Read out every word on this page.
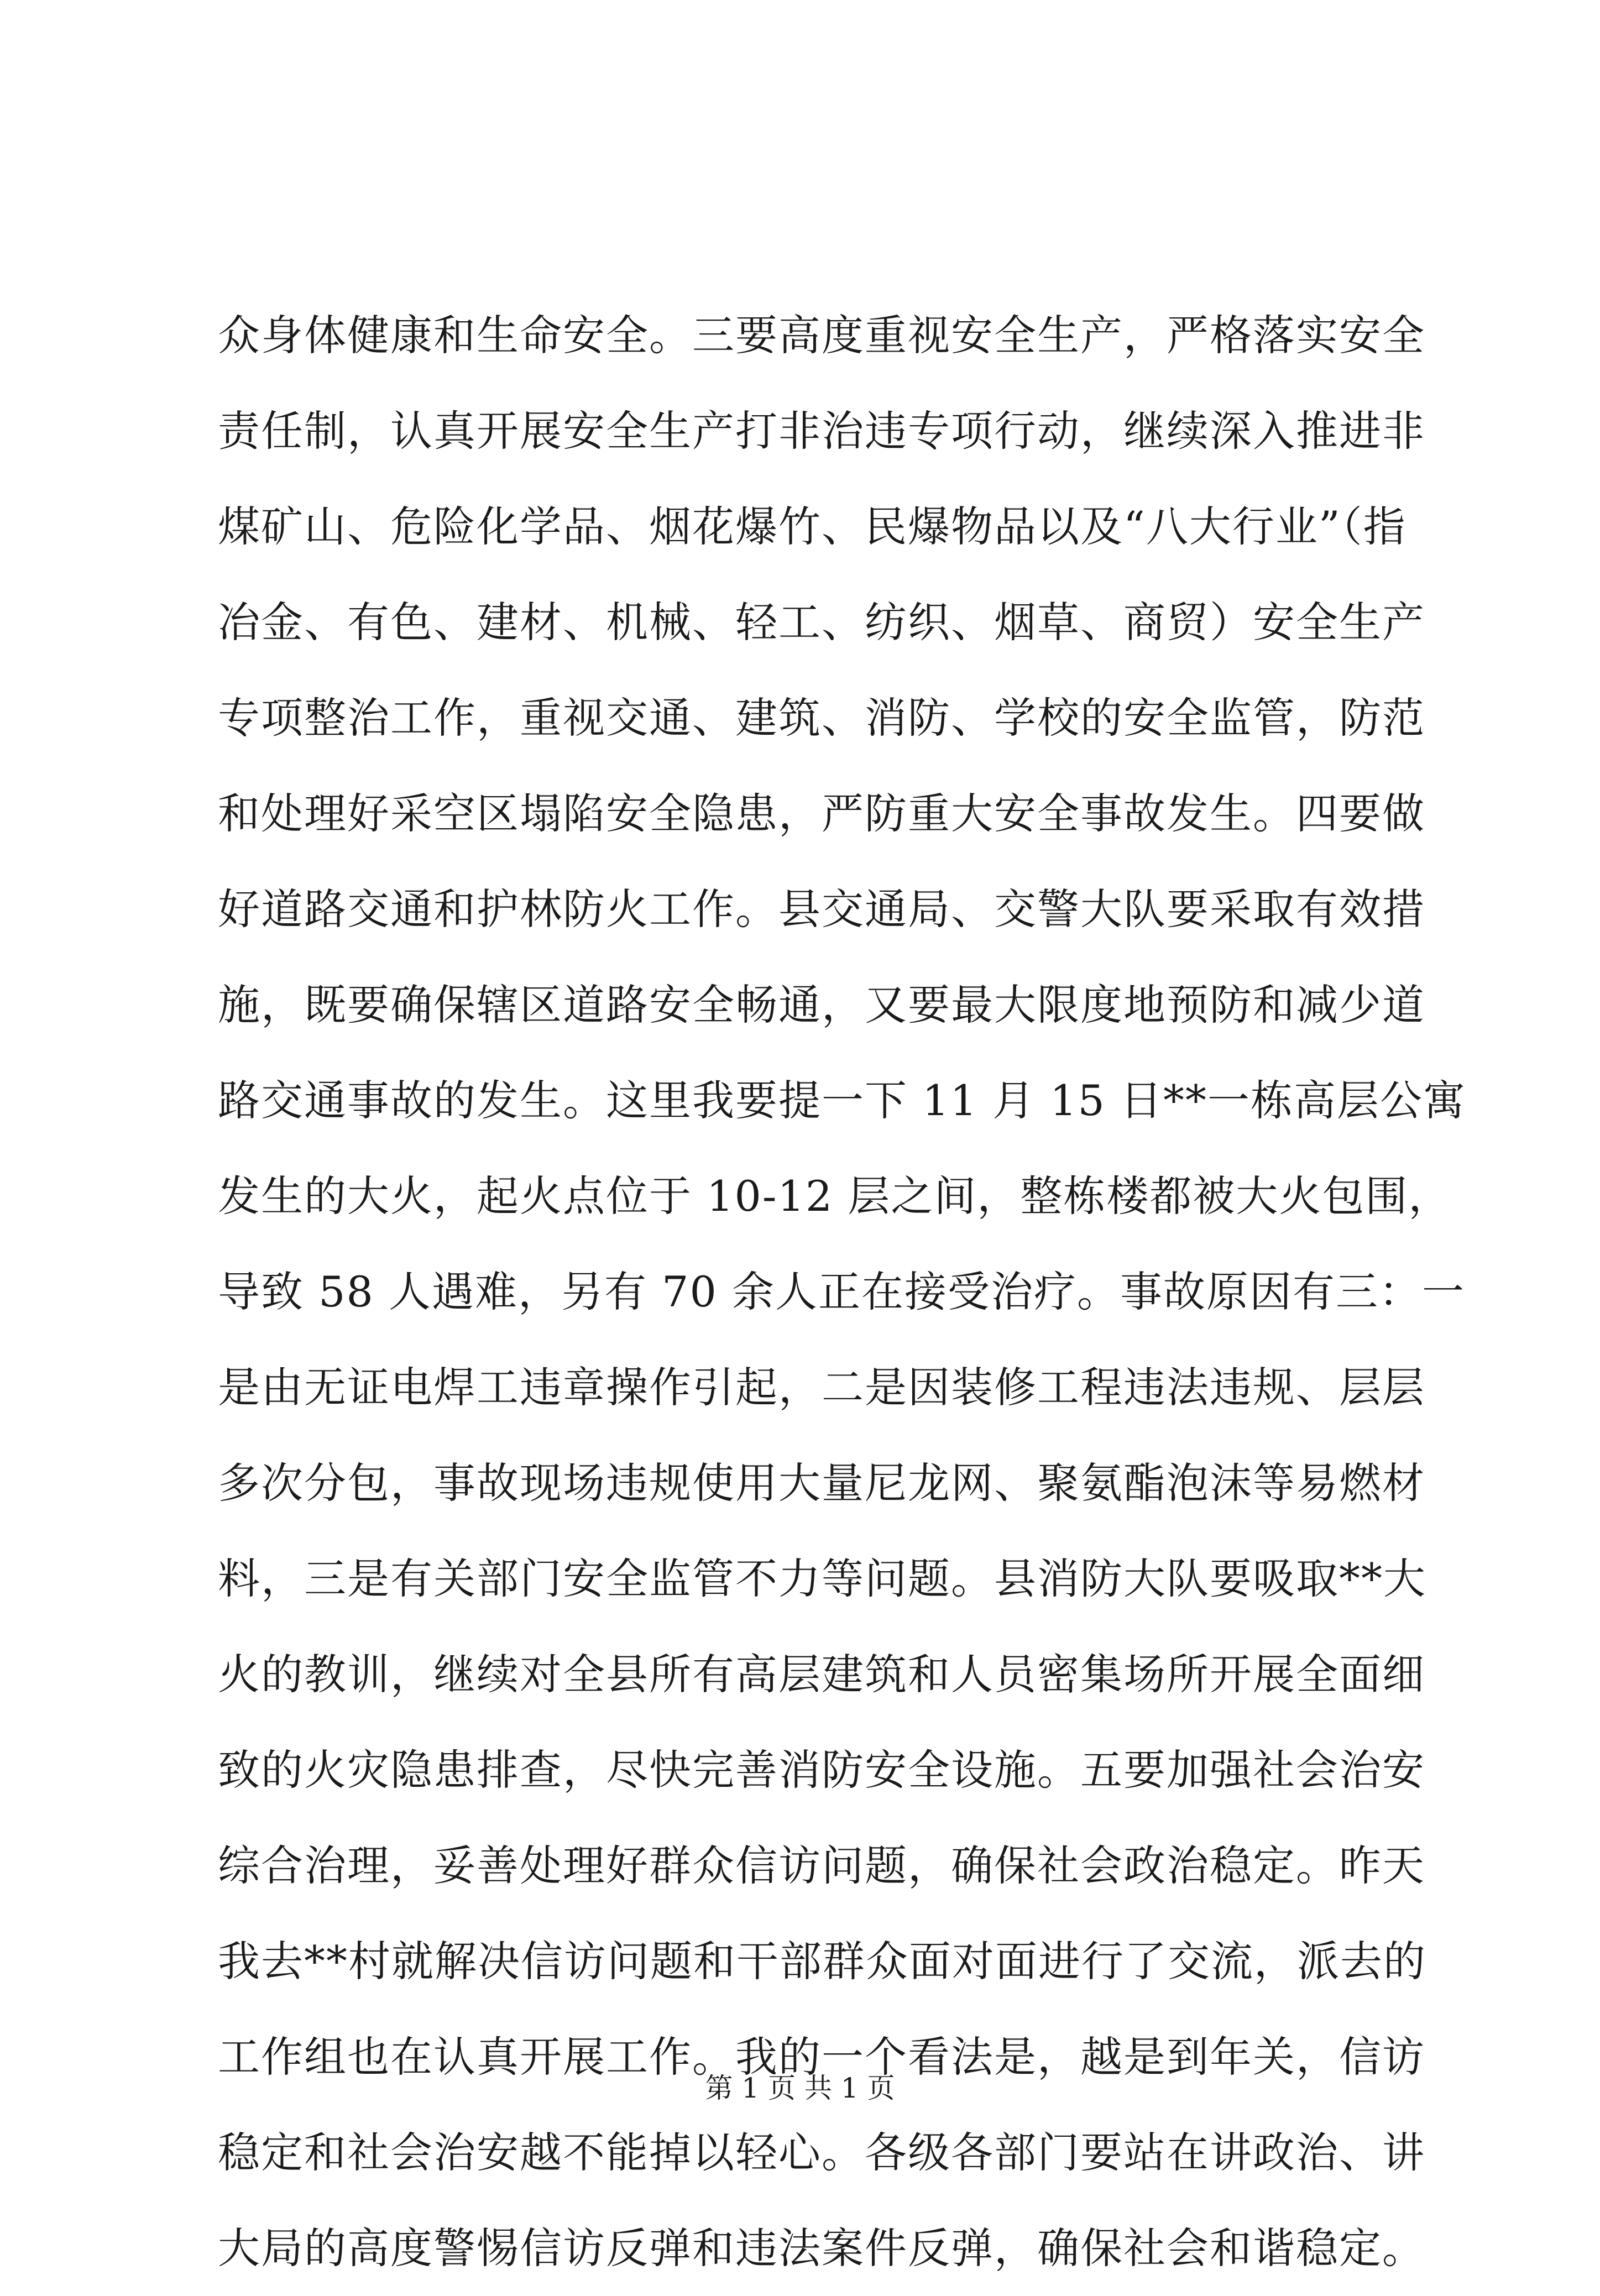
众身体健康和生命安全。三要高度重视安全生产，严格落实安全
责任制，认真开展安全生产打非治违专项行动，继续深入推进非
煤矿山、危险化学品、烟花爆竹、民爆物品以及“八大行业”（指
冶金、有色、建材、机械、轻工、纺织、烟草、商贸）安全生产
专项整治工作，重视交通、建筑、消防、学校的安全监管，防范
和处理好采空区塌陷安全隐患，严防重大安全事故发生。四要做
好道路交通和护林防火工作。县交通局、交警大队要采取有效措
施，既要确保辖区道路安全畅通，又要最大限度地预防和减少道
路交通事故的发生。这里我要提一下 11 月 15 日**一栋高层公寓
发生的大火，起火点位于 10-12 层之间，整栋楼都被大火包围，
导致 58 人遇难，另有 70 余人正在接受治疗。事故原因有三：一
是由无证电焊工违章操作引起，二是因装修工程违法违规、层层
多次分包，事故现场违规使用大量尼龙网、聚氨酯泡沫等易燃材
料，三是有关部门安全监管不力等问题。县消防大队要吸取**大
火的教训，继续对全县所有高层建筑和人员密集场所开展全面细
致的火灾隐患排查，尽快完善消防安全设施。五要加强社会治安
综合治理，妥善处理好群众信访问题，确保社会政治稳定。昨天
我去**村就解决信访问题和干部群众面对面进行了交流，派去的
工作组也在认真开展工作。我的一个看法是，越是到年关，信访
稳定和社会治安越不能掉以轻心。各级各部门要站在讲政治、讲
大局的高度警惕信访反弹和违法案件反弹，确保社会和谐稳定。
第 1 页 共 1 页
